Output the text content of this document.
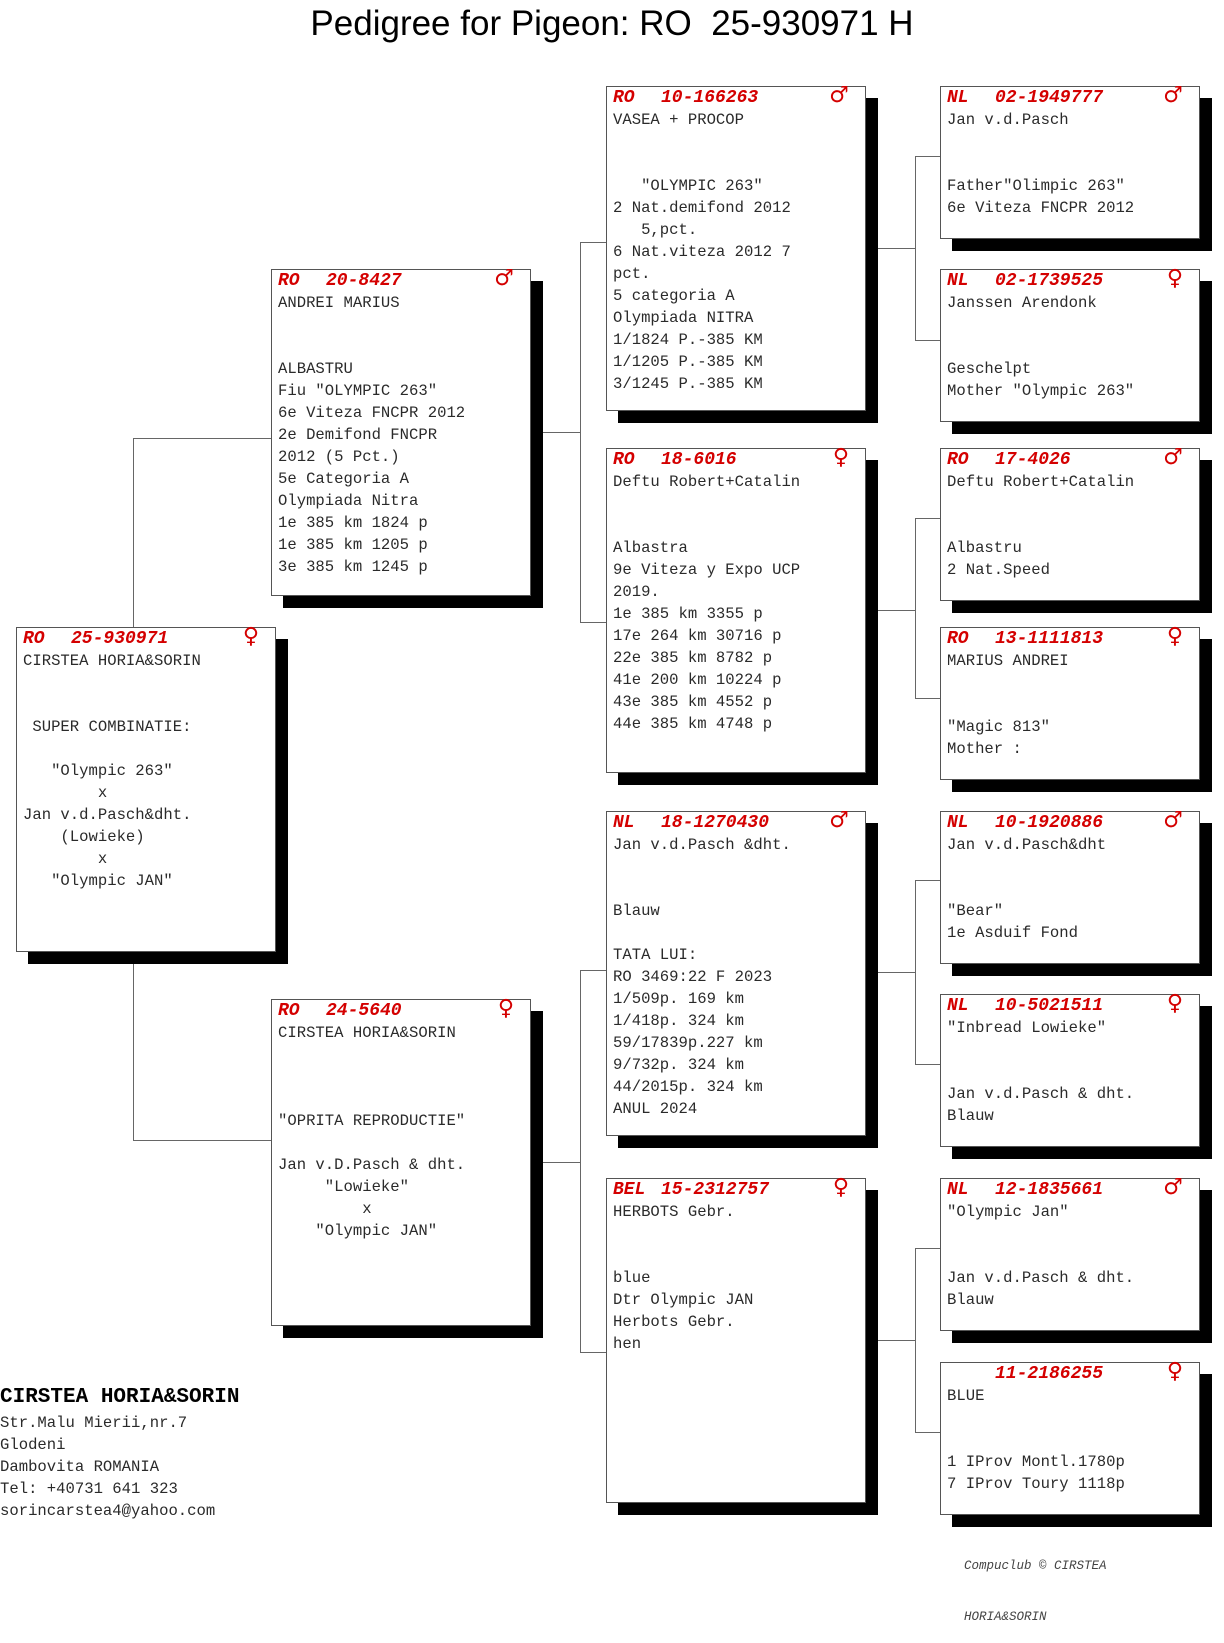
Pedigree for Pigeon: RO  25-930971 H
RO 25-930971	♀
CIRSTEA HORIA&SORIN
SUPER COMBINATIE:
"Olympic 263"
x
Jan v.d.Pasch&dht.
(Lowieke)
x
"Olympic JAN"
RO 20-8427	♂
ANDREI MARIUS
ALBASTRU
Fiu "OLYMPIC 263"
6e Viteza FNCPR 2012
2e Demifond FNCPR
2012 (5 Pct.)
5e Categoria A
Olympiada Nitra
1e 385 km 1824 p
1e 385 km 1205 p
3e 385 km 1245 p
RO 24-5640	♀
CIRSTEA HORIA&SORIN
"OPRITA REPRODUCTIE"
Jan v.D.Pasch & dht.
"Lowieke"
x
"Olympic JAN"
RO 10-166263	♂
VASEA + PROCOP
"OLYMPIC 263"
2 Nat.demifond 2012
5,pct.
6 Nat.viteza 2012 7
pct.
5 categoria A
Olympiada NITRA
1/1824 P.-385 KM
1/1205 P.-385 KM
3/1245 P.-385 KM
RO 18-6016	♀
Deftu Robert+Catalin
Albastra
9e Viteza y Expo UCP
2019.
1e 385 km 3355 p
17e 264 km 30716 p
22e 385 km 8782 p
41e 200 km 10224 p
43e 385 km 4552 p
44e 385 km 4748 p
NL 18-1270430	♂
Jan v.d.Pasch &dht.
Blauw
TATA LUI:
RO 3469:22 F 2023
1/509p. 169 km
1/418p. 324 km
59/17839p.227 km
9/732p. 324 km
44/2015p. 324 km
ANUL 2024
BEL 15-2312757	♀
HERBOTS Gebr.
blue
Dtr Olympic JAN
Herbots Gebr.
hen
NL 02-1949777	♂
Jan v.d.Pasch
Father"Olimpic 263"
6e Viteza FNCPR 2012
NL 02-1739525	♀
Janssen Arendonk
Geschelpt
Mother "Olympic 263"
RO 17-4026	♂
Deftu Robert+Catalin
Albastru
2 Nat.Speed
RO 13-1111813	♀
MARIUS ANDREI
"Magic 813"
Mother :
NL 10-1920886	♂
Jan v.d.Pasch&dht
"Bear"
1e Asduif Fond
NL 10-5021511	♀
"Inbread Lowieke"
Jan v.d.Pasch & dht.
Blauw
NL 12-1835661	♂
"Olympic Jan"
Jan v.d.Pasch & dht.
Blauw
11-2186255	♀
BLUE
1 IProv Montl.1780p
7 IProv Toury 1118p
CIRSTEA HORIA&SORIN
Str.Malu Mierii,nr.7
Glodeni
Dambovita ROMANIA
Tel: +40731 641 323
sorincarstea4@yahoo.com

Compuclub © CIRSTEA

HORIA&SORIN
